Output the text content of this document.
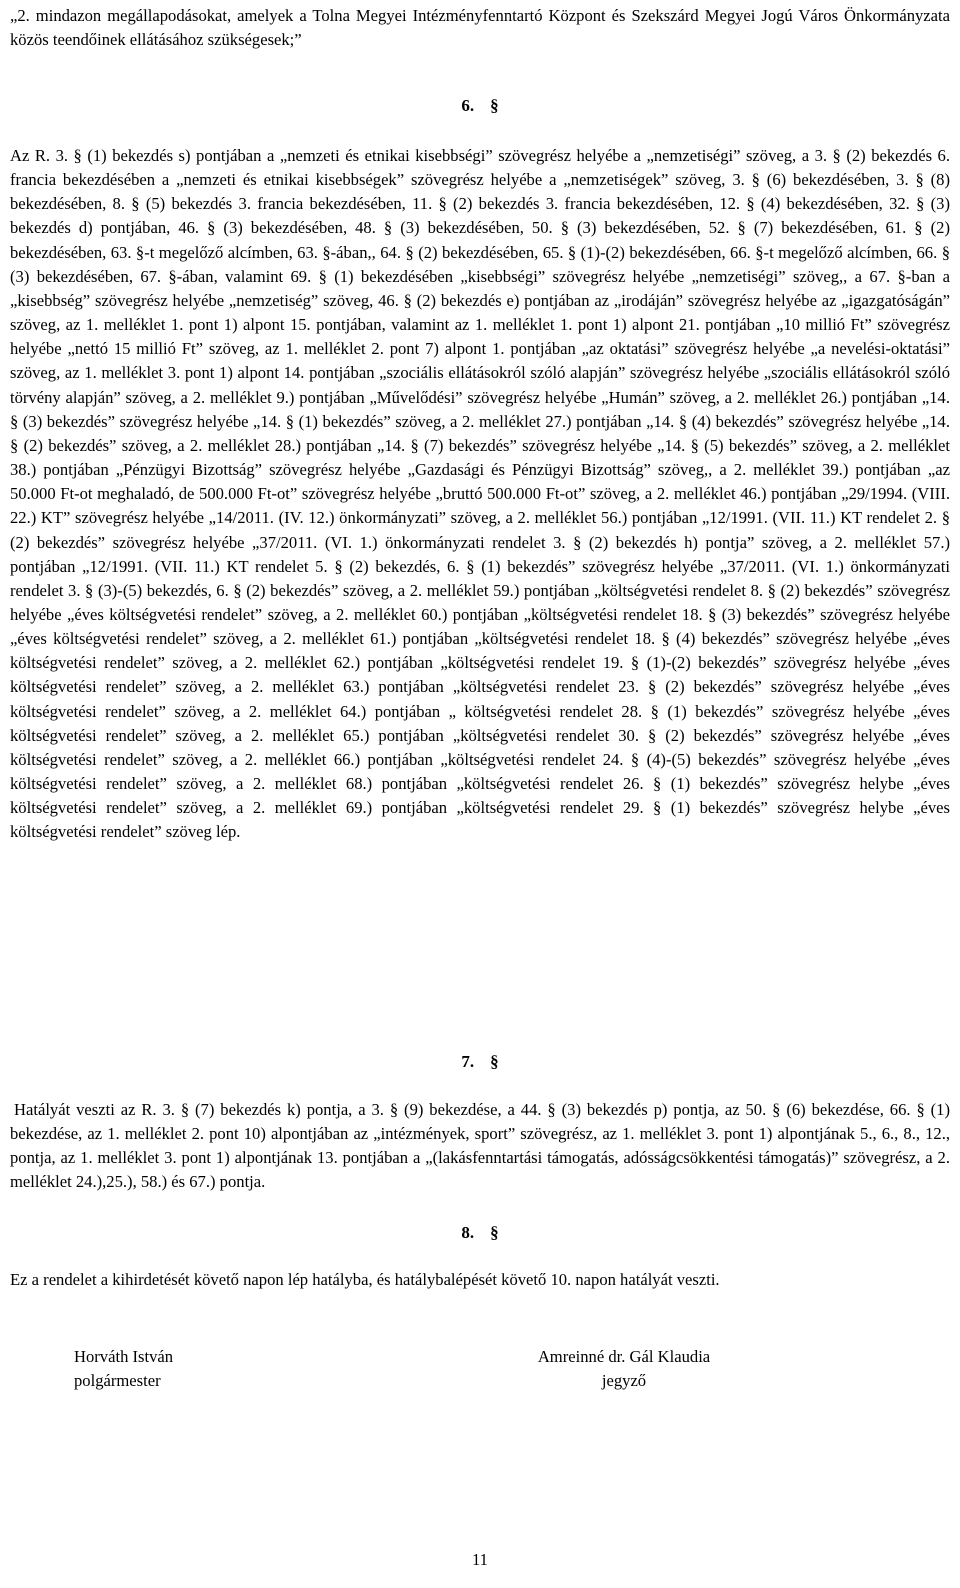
„2. mindazon megállapodásokat, amelyek a Tolna Megyei Intézményfenntartó Központ és Szekszárd Megyei Jogú Város Önkormányzata közös teendőinek ellátásához szükségesek;”

6. §

Az R. 3. § (1) bekezdés s) pontjában a „nemzeti és etnikai kisebbségi” szövegrész helyébe a „nemzetiségi” szöveg, a 3. § (2) bekezdés 6. francia bekezdésében a „nemzeti és etnikai kisebbségek” szövegrész helyébe a „nemzetiségek” szöveg, 3. § (6) bekezdésében, 3. § (8) bekezdésében, 8. § (5) bekezdés 3. francia bekezdésében, 11. § (2) bekezdés 3. francia bekezdésében, 12. § (4) bekezdésében, 32. § (3) bekezdés d) pontjában, 46. § (3) bekezdésében, 48. § (3) bekezdésében, 50. § (3) bekezdésében, 52. § (7) bekezdésében, 61. § (2) bekezdésében, 63. §-t megelőző alcímben, 63. §-ában,, 64. § (2) bekezdésében, 65. § (1)-(2) bekezdésében, 66. §-t megelőző alcímben, 66. § (3) bekezdésében, 67. §-ában, valamint 69. § (1) bekezdésében „kisebbségi” szövegrész helyébe „nemzetiségi” szöveg,, a 67. §-ban a „kisebbség” szövegrész helyébe „nemzetiség” szöveg, 46. § (2) bekezdés e) pontjában az „irodáján” szövegrész helyébe az „igazgatóságán” szöveg, az 1. melléklet 1. pont 1) alpont 15. pontjában, valamint az 1. melléklet 1. pont 1) alpont 21. pontjában „10 millió Ft” szövegrész helyébe „nettó 15 millió Ft” szöveg, az 1. melléklet 2. pont 7) alpont 1. pontjában „az oktatási” szövegrész helyébe „a nevelési-oktatási” szöveg, az 1. melléklet 3. pont 1) alpont 14. pontjában „szociális ellátásokról szóló alapján” szövegrész helyébe „szociális ellátásokról szóló törvény alapján” szöveg, a 2. melléklet 9.) pontjában „Művelődési” szövegrész helyébe „Humán” szöveg, a 2. melléklet 26.) pontjában „14. § (3) bekezdés” szövegrész helyébe „14. § (1) bekezdés” szöveg, a 2. melléklet 27.) pontjában „14. § (4) bekezdés” szövegrész helyébe „14. § (2) bekezdés” szöveg, a 2. melléklet 28.) pontjában „14. § (7) bekezdés” szövegrész helyébe „14. § (5) bekezdés” szöveg, a 2. melléklet 38.) pontjában „Pénzügyi Bizottság” szövegrész helyébe „Gazdasági és Pénzügyi Bizottság” szöveg,, a 2. melléklet 39.) pontjában „az 50.000 Ft-ot meghaladó, de 500.000 Ft-ot” szövegrész helyébe „bruttó 500.000 Ft-ot” szöveg, a 2. melléklet 46.) pontjában „29/1994. (VIII. 22.) KT” szövegrész helyébe „14/2011. (IV. 12.) önkormányzati” szöveg, a 2. melléklet 56.) pontjában „12/1991. (VII. 11.) KT rendelet 2. § (2) bekezdés” szövegrész helyébe „37/2011. (VI. 1.) önkormányzati rendelet 3. § (2) bekezdés h) pontja” szöveg, a 2. melléklet 57.) pontjában „12/1991. (VII. 11.) KT rendelet 5. § (2) bekezdés, 6. § (1) bekezdés” szövegrész helyébe „37/2011. (VI. 1.) önkormányzati rendelet 3. § (3)-(5) bekezdés, 6. § (2) bekezdés” szöveg, a 2. melléklet 59.) pontjában „költségvetési rendelet 8. § (2) bekezdés” szövegrész helyébe „éves költségvetési rendelet” szöveg, a 2. melléklet 60.) pontjában „költségvetési rendelet 18. § (3) bekezdés” szövegrész helyébe „éves költségvetési rendelet” szöveg, a 2. melléklet 61.) pontjában „költségvetési rendelet 18. § (4) bekezdés” szövegrész helyébe „éves költségvetési rendelet” szöveg, a 2. melléklet 62.) pontjában „költségvetési rendelet 19. § (1)-(2) bekezdés” szövegrész helyébe „éves költségvetési rendelet” szöveg, a 2. melléklet 63.) pontjában „költségvetési rendelet 23. § (2) bekezdés” szövegrész helyébe „éves költségvetési rendelet” szöveg, a 2. melléklet 64.) pontjában „ költségvetési rendelet 28. § (1) bekezdés” szövegrész helyébe „éves költségvetési rendelet” szöveg, a 2. melléklet 65.) pontjában „költségvetési rendelet 30. § (2) bekezdés” szövegrész helyébe „éves költségvetési rendelet” szöveg, a 2. melléklet 66.) pontjában „költségvetési rendelet 24. § (4)-(5) bekezdés” szövegrész helyébe „éves költségvetési rendelet” szöveg, a 2. melléklet 68.) pontjában „költségvetési rendelet 26. § (1) bekezdés” szövegrész helybe „éves költségvetési rendelet” szöveg, a 2. melléklet 69.) pontjában „költségvetési rendelet 29. § (1) bekezdés” szövegrész helybe „éves költségvetési rendelet” szöveg lép.

7. §

Hatályát veszti az R. 3. § (7) bekezdés k) pontja, a 3. § (9) bekezdése, a 44. § (3) bekezdés p) pontja, az 50. § (6) bekezdése, 66. § (1) bekezdése, az 1. melléklet 2. pont 10) alpontjában az „intézmények, sport” szövegrész, az 1. melléklet 3. pont 1) alpontjának 5., 6., 8., 12., pontja, az 1. melléklet 3. pont 1) alpontjának 13. pontjában a „(lakásfenntartási támogatás, adósságcsökkentési támogatás)” szövegrész, a 2. melléklet 24.),25.), 58.) és 67.) pontja.

8. §

Ez a rendelet a kihirdetését követő napon lép hatályba, és hatálybalépését követő 10. napon hatályát veszti.

Horváth István
polgármester
Amreinné dr. Gál Klaudia
jegyző

11
